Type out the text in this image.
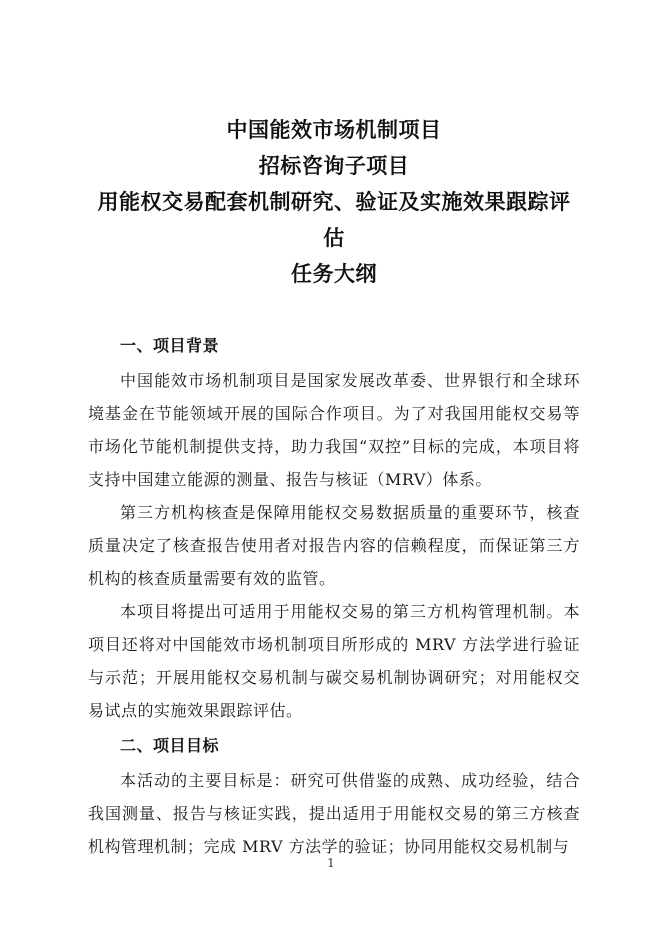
中国能效市场机制项目
招标咨询子项目
用能权交易配套机制研究、验证及实施效果跟踪评估
任务大纲
一、项目背景

中国能效市场机制项目是国家发展改革委、世界银行和全球环境基金在节能领域开展的国际合作项目。为了对我国用能权交易等市场化节能机制提供支持，助力我国“双控”目标的完成，本项目将支持中国建立能源的测量、报告与核证（MRV）体系。

第三方机构核查是保障用能权交易数据质量的重要环节，核查质量决定了核查报告使用者对报告内容的信赖程度，而保证第三方机构的核查质量需要有效的监管。

本项目将提出可适用于用能权交易的第三方机构管理机制。本项目还将对中国能效市场机制项目所形成的 MRV 方法学进行验证与示范；开展用能权交易机制与碳交易机制协调研究；对用能权交易试点的实施效果跟踪评估。

二、项目目标

本活动的主要目标是：研究可供借鉴的成熟、成功经验，结合我国测量、报告与核证实践，提出适用于用能权交易的第三方核查机构管理机制；完成 MRV 方法学的验证；协同用能权交易机制与

1
